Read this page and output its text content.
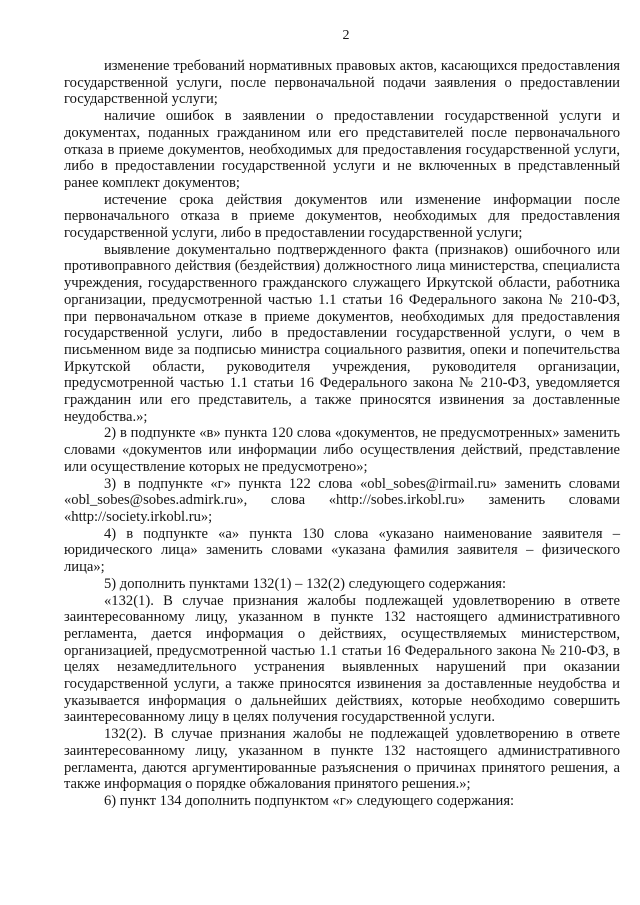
2

изменение требований нормативных правовых актов, касающихся предоставления государственной услуги, после первоначальной подачи заявления о предоставлении государственной услуги;

наличие ошибок в заявлении о предоставлении государственной услуги и документах, поданных гражданином или его представителей после первоначального отказа в приеме документов, необходимых для предоставления государственной услуги, либо в предоставлении государственной услуги и не включенных в представленный ранее комплект документов;

истечение срока действия документов или изменение информации после первоначального отказа в приеме документов, необходимых для предоставления государственной услуги, либо в предоставлении государственной услуги;

выявление документально подтвержденного факта (признаков) ошибочного или противоправного действия (бездействия) должностного лица министерства, специалиста учреждения, государственного гражданского служащего Иркутской области, работника организации, предусмотренной частью 1.1 статьи 16 Федерального закона № 210-ФЗ, при первоначальном отказе в приеме документов, необходимых для предоставления государственной услуги, либо в предоставлении государственной услуги, о чем в письменном виде за подписью министра социального развития, опеки и попечительства Иркутской области, руководителя учреждения, руководителя организации, предусмотренной частью 1.1 статьи 16 Федерального закона № 210-ФЗ, уведомляется гражданин или его представитель, а также приносятся извинения за доставленные неудобства.»;

2) в подпункте «в» пункта 120 слова «документов, не предусмотренных» заменить словами «документов или информации либо осуществления действий, представление или осуществление которых не предусмотрено»;

3) в подпункте «г» пункта 122 слова «obl_sobes@irmail.ru» заменить словами «obl_sobes@sobes.admirk.ru», слова «http://sobes.irkobl.ru» заменить словами «http://society.irkobl.ru»;

4) в подпункте «а» пункта 130 слова «указано наименование заявителя – юридического лица» заменить словами «указана фамилия заявителя – физического лица»;

5) дополнить пунктами 132(1) – 132(2) следующего содержания:

«132(1). В случае признания жалобы подлежащей удовлетворению в ответе заинтересованному лицу, указанном в пункте 132 настоящего административного регламента, дается информация о действиях, осуществляемых министерством, организацией, предусмотренной частью 1.1 статьи 16 Федерального закона № 210-ФЗ, в целях незамедлительного устранения выявленных нарушений при оказании государственной услуги, а также приносятся извинения за доставленные неудобства и указывается информация о дальнейших действиях, которые необходимо совершить заинтересованному лицу в целях получения государственной услуги.

132(2). В случае признания жалобы не подлежащей удовлетворению в ответе заинтересованному лицу, указанном в пункте 132 настоящего административного регламента, даются аргументированные разъяснения о причинах принятого решения, а также информация о порядке обжалования принятого решения.»;

6) пункт 134 дополнить подпунктом «г» следующего содержания:
